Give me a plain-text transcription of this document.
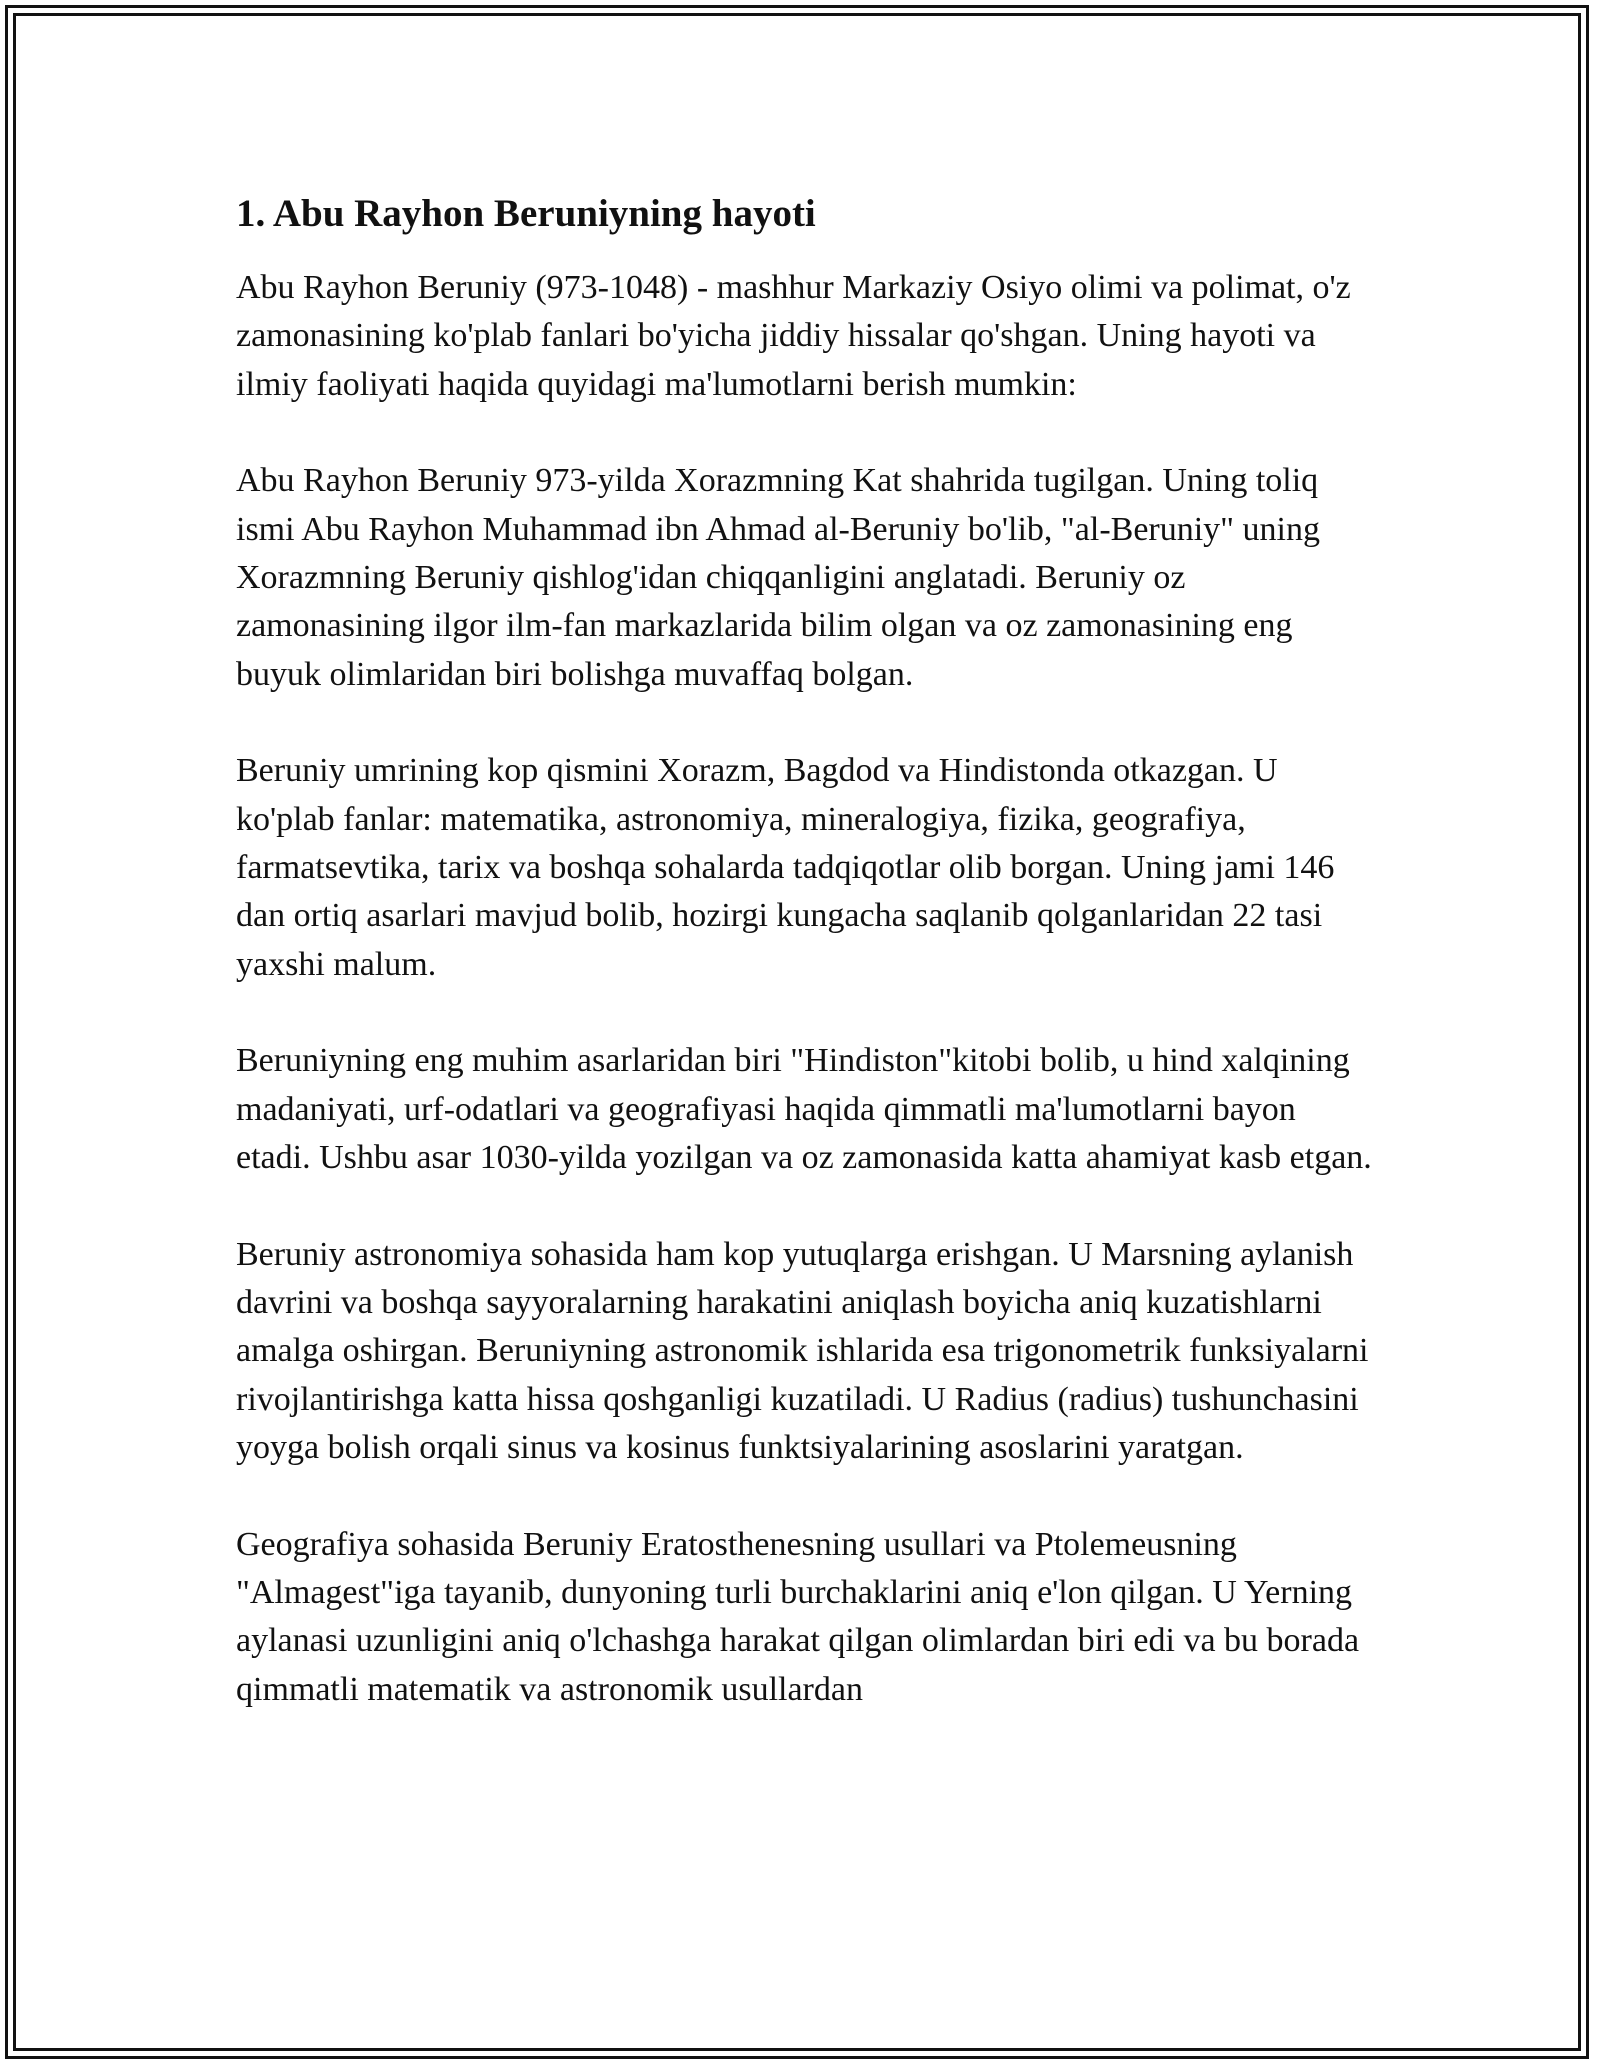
1. Abu Rayhon Beruniyning hayoti

Abu Rayhon Beruniy (973-1048) - mashhur Markaziy Osiyo olimi va polimat, o'z zamonasining ko'plab fanlari bo'yicha jiddiy hissalar qo'shgan. Uning hayoti va ilmiy faoliyati haqida quyidagi ma'lumotlarni berish mumkin:

Abu Rayhon Beruniy 973-yilda Xorazmning Kat shahrida tugilgan. Uning toliq ismi Abu Rayhon Muhammad ibn Ahmad al-Beruniy bo'lib, "al-Beruniy" uning Xorazmning Beruniy qishlog'idan chiqqanligini anglatadi. Beruniy oz zamonasining ilgor ilm-fan markazlarida bilim olgan va oz zamonasining eng buyuk olimlaridan biri bolishga muvaffaq bolgan.

Beruniy umrining kop qismini Xorazm, Bagdod va Hindistonda otkazgan. U ko'plab fanlar: matematika, astronomiya, mineralogiya, fizika, geografiya, farmatsevtika, tarix va boshqa sohalarda tadqiqotlar olib borgan. Uning jami 146 dan ortiq asarlari mavjud bolib, hozirgi kungacha saqlanib qolganlaridan 22 tasi yaxshi malum.

Beruniyning eng muhim asarlaridan biri "Hindiston"kitobi bolib, u hind xalqining madaniyati, urf-odatlari va geografiyasi haqida qimmatli ma'lumotlarni bayon etadi. Ushbu asar 1030-yilda yozilgan va oz zamonasida katta ahamiyat kasb etgan.

Beruniy astronomiya sohasida ham kop yutuqlarga erishgan. U Marsning aylanish davrini va boshqa sayyoralarning harakatini aniqlash boyicha aniq kuzatishlarni amalga oshirgan. Beruniyning astronomik ishlarida esa trigonometrik funksiyalarni rivojlantirishga katta hissa qoshganligi kuzatiladi. U Radius (radius) tushunchasini yoyga bolish orqali sinus va kosinus funktsiyalarining asoslarini yaratgan.

Geografiya sohasida Beruniy Eratosthenesning usullari va Ptolemeusning "Almagest"iga tayanib, dunyoning turli burchaklarini aniq e'lon qilgan. U Yerning aylanasi uzunligini aniq o'lchashga harakat qilgan olimlardan biri edi va bu borada qimmatli matematik va astronomik usullardan
